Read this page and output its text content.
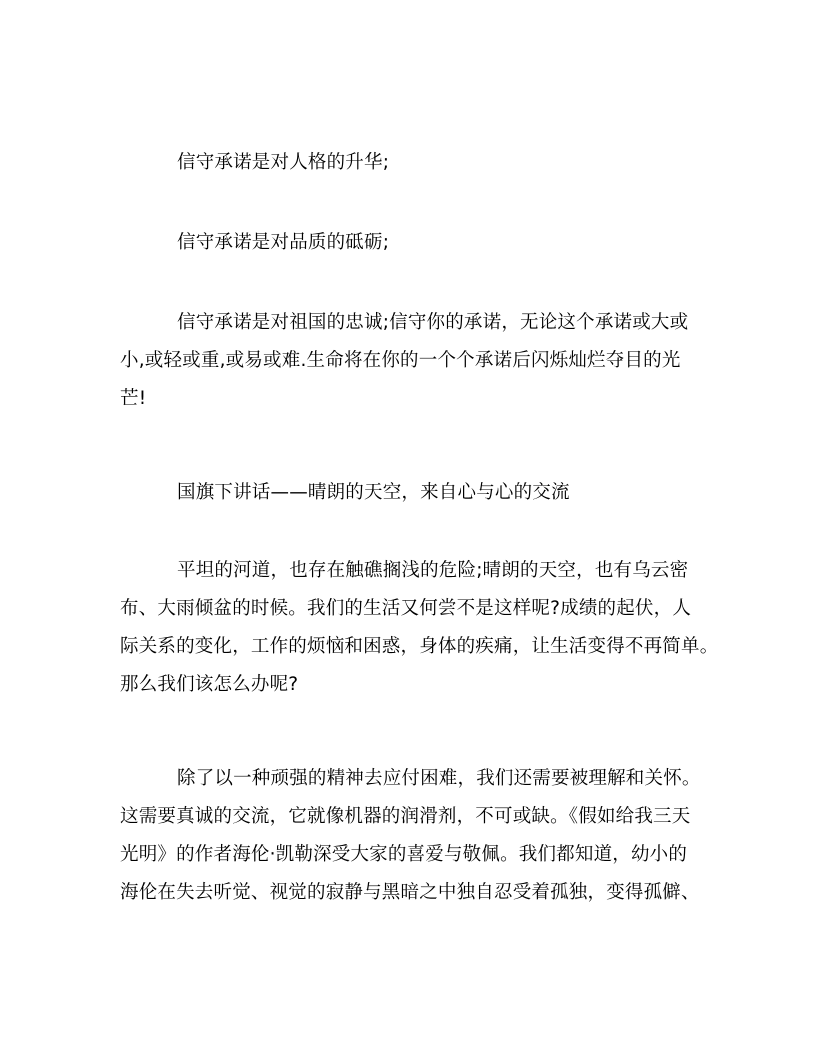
信守承诺是对人格的升华;

信守承诺是对品质的砥砺;

信守承诺是对祖国的忠诚;信守你的承诺，无论这个承诺或大或
小,或轻或重,或易或难.生命将在你的一个个承诺后闪烁灿烂夺目的光
芒!

国旗下讲话——晴朗的天空，来自心与心的交流

平坦的河道，也存在触礁搁浅的危险;晴朗的天空，也有乌云密
布、大雨倾盆的时候。我们的生活又何尝不是这样呢?成绩的起伏，人
际关系的变化，工作的烦恼和困惑，身体的疾痛，让生活变得不再简单。
那么我们该怎么办呢?

除了以一种顽强的精神去应付困难，我们还需要被理解和关怀。
这需要真诚的交流，它就像机器的润滑剂，不可或缺。《假如给我三天
光明》的作者海伦·凯勒深受大家的喜爱与敬佩。我们都知道，幼小的
海伦在失去听觉、视觉的寂静与黑暗之中独自忍受着孤独，变得孤僻、
